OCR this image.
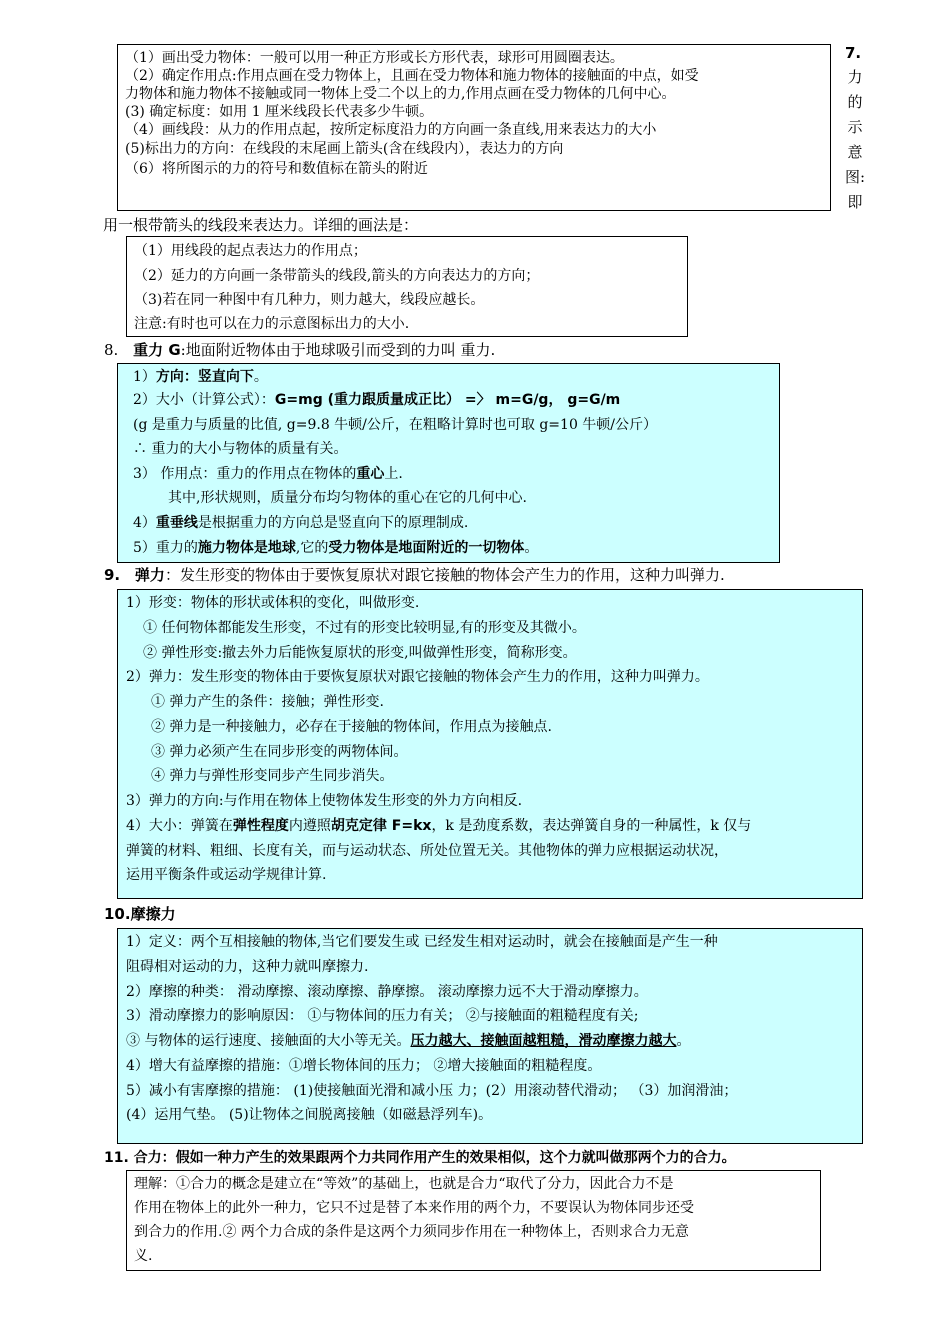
（1）画出受力物体：一般可以用一种正方形或长方形代表，球形可用圆圈表达。
（2）确定作用点:作用点画在受力物体上，且画在受力物体和施力物体的接触面的中点，如受
力物体和施力物体不接触或同一物体上受二个以上的力,作用点画在受力物体的几何中心。
(3) 确定标度：如用 1 厘米线段长代表多少牛顿。
（4）画线段：从力的作用点起，按所定标度沿力的方向画一条直线,用来表达力的大小
(5)标出力的方向：在线段的末尾画上箭头(含在线段内），表达力的方向
（6）将所图示的力的符号和数值标在箭头的附近
7.
力
的
示
意
图:
即
用一根带箭头的线段来表达力。详细的画法是：
（1）用线段的起点表达力的作用点；
（2）延力的方向画一条带箭头的线段,箭头的方向表达力的方向；
（3)若在同一种图中有几种力，则力越大，线段应越长。
注意:有时也可以在力的示意图标出力的大小.
8. 重力 G:地面附近物体由于地球吸引而受到的力叫 重力.
1）方向：竖直向下。
2）大小（计算公式）：G=mg (重力跟质量成正比） =〉 m=G/g， g=G/m
(g 是重力与质量的比值, g=9.8 牛顿/公斤，在粗略计算时也可取 g=10 牛顿/公斤）
∴ 重力的大小与物体的质量有关。
3） 作用点：重力的作用点在物体的重心上.
其中,形状规则，质量分布均匀物体的重心在它的几何中心.
4）重垂线是根据重力的方向总是竖直向下的原理制成.
5）重力的施力物体是地球,它的受力物体是地面附近的一切物体。
9. 弹力：发生形变的物体由于要恢复原状对跟它接触的物体会产生力的作用，这种力叫弹力.
1）形变：物体的形状或体积的变化，叫做形变.
① 任何物体都能发生形变，不过有的形变比较明显,有的形变及其微小。
② 弹性形变:撤去外力后能恢复原状的形变,叫做弹性形变，简称形变。
2）弹力：发生形变的物体由于要恢复原状对跟它接触的物体会产生力的作用，这种力叫弹力。
① 弹力产生的条件：接触；弹性形变.
② 弹力是一种接触力，必存在于接触的物体间，作用点为接触点.
③ 弹力必须产生在同步形变的两物体间。
④ 弹力与弹性形变同步产生同步消失。
3）弹力的方向:与作用在物体上使物体发生形变的外力方向相反.
4）大小：弹簧在弹性程度内遵照胡克定律 F=kx，k 是劲度系数，表达弹簧自身的一种属性，k 仅与
弹簧的材料、粗细、长度有关，而与运动状态、所处位置无关。其他物体的弹力应根据运动状况，
运用平衡条件或运动学规律计算.
10.摩擦力
1）定义：两个互相接触的物体,当它们要发生或 已经发生相对运动时，就会在接触面是产生一种
阻碍相对运动的力，这种力就叫摩擦力.
2）摩擦的种类： 滑动摩擦、滚动摩擦、静摩擦。 滚动摩擦力远不大于滑动摩擦力。
3）滑动摩擦力的影响原因： ①与物体间的压力有关； ②与接触面的粗糙程度有关;
③ 与物体的运行速度、接触面的大小等无关。压力越大、接触面越粗糙，滑动摩擦力越大。
4）增大有益摩擦的措施：①增长物体间的压力； ②增大接触面的粗糙程度。
5）减小有害摩擦的措施： (1)使接触面光滑和减小压 力；(2）用滚动替代滑动； （3）加润滑油；
(4）运用气垫。 (5)让物体之间脱离接触（如磁悬浮列车)。
11. 合力：假如一种力产生的效果跟两个力共同作用产生的效果相似，这个力就叫做那两个力的合力。
理解：①合力的概念是建立在“等效”的基础上，也就是合力“取代了分力，因此合力不是
作用在物体上的此外一种力，它只不过是替了本来作用的两个力，不要误认为物体同步还受
到合力的作用.② 两个力合成的条件是这两个力须同步作用在一种物体上，否则求合力无意
义.
